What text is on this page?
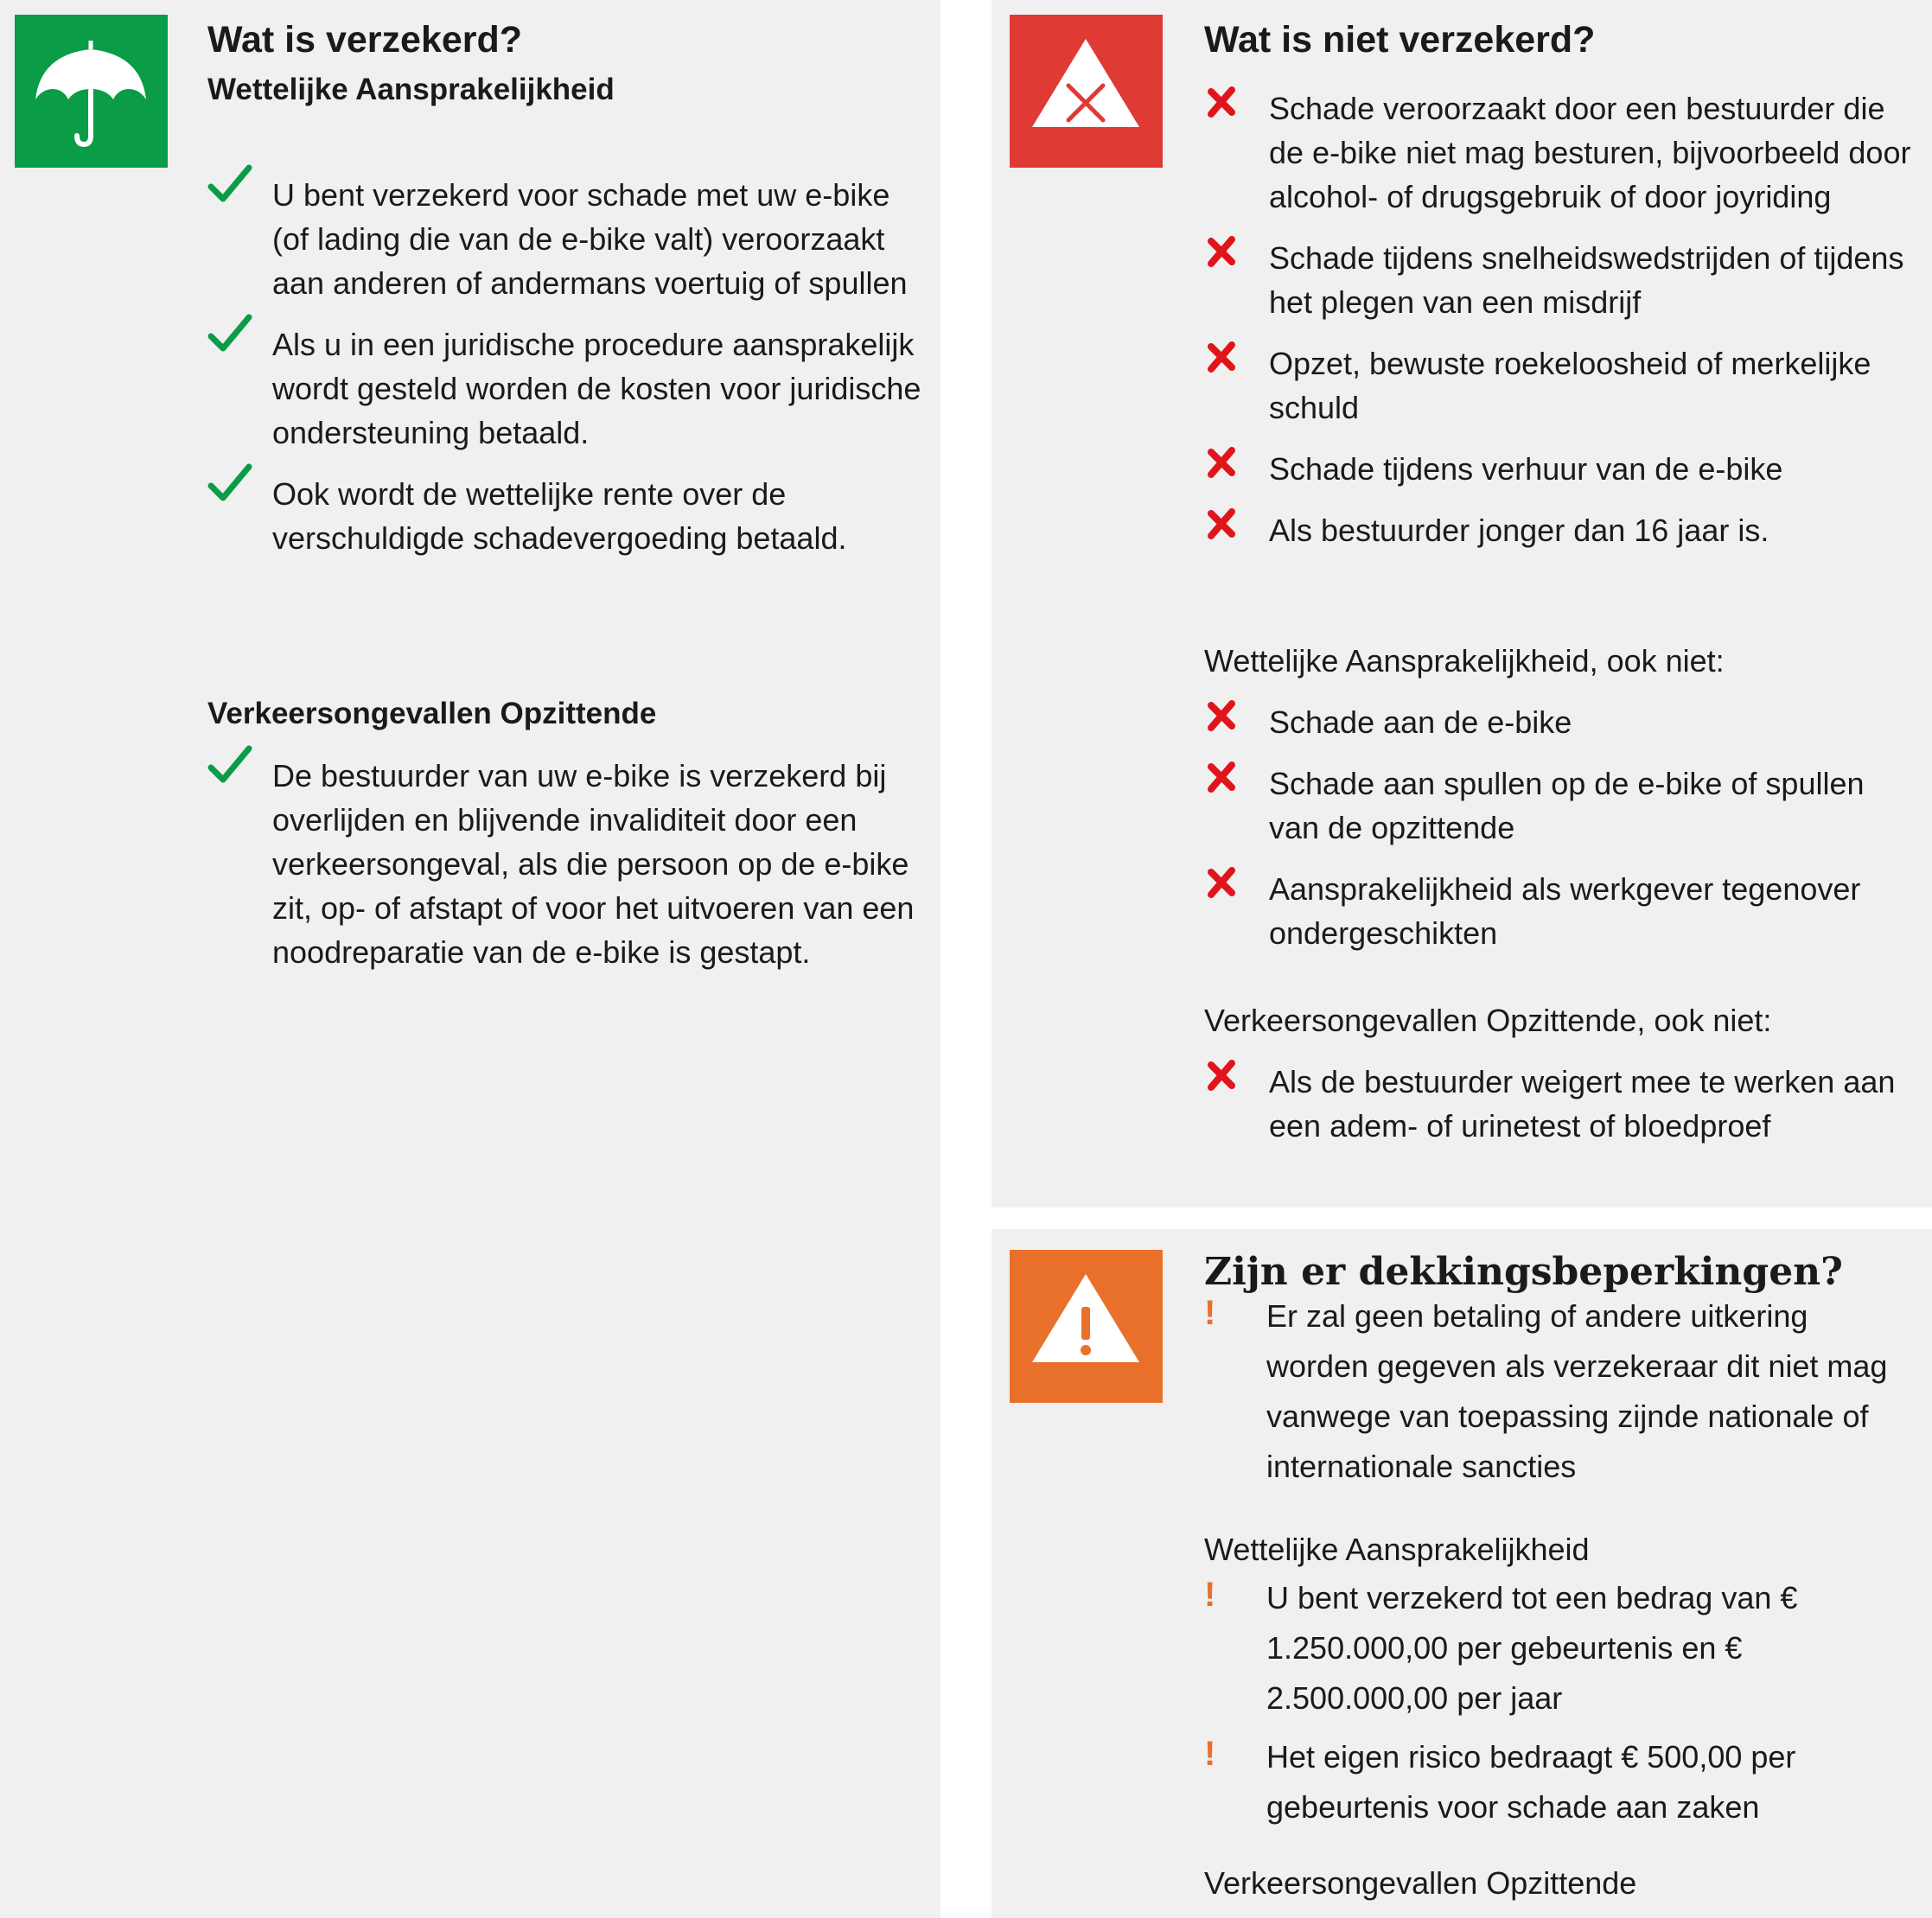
Wat is verzekerd?
Wettelijke Aansprakelijkheid
U bent verzekerd voor schade met uw e-bike (of lading die van de e-bike valt) veroorzaakt aan anderen of andermans voertuig of spullen
Als u in een juridische procedure aansprakelijk wordt gesteld worden de kosten voor juridische ondersteuning betaald.
Ook wordt de wettelijke rente over de verschuldigde schadevergoeding betaald.
Verkeersongevallen Opzittende
De bestuurder van uw e-bike is verzekerd bij overlijden en blijvende invaliditeit door een verkeersongeval, als die persoon op de e-bike zit, op- of afstapt of voor het uitvoeren van een noodreparatie van de e-bike is gestapt.
Wat is niet verzekerd?
Schade veroorzaakt door een bestuurder die de e-bike niet mag besturen, bijvoorbeeld door alcohol- of drugsgebruik of door joyriding
Schade tijdens snelheidswedstrijden of tijdens het plegen van een misdrijf
Opzet, bewuste roekeloosheid of merkelijke schuld
Schade tijdens verhuur van de e-bike
Als bestuurder jonger dan 16 jaar is.
Wettelijke Aansprakelijkheid, ook niet:
Schade aan de e-bike
Schade aan spullen op de e-bike of spullen van de opzittende
Aansprakelijkheid als werkgever tegenover ondergeschikten
Verkeersongevallen Opzittende, ook niet:
Als de bestuurder weigert mee te werken aan een adem- of urinetest of bloedproef
Zijn er dekkingsbeperkingen?
!	Er zal geen betaling of andere uitkering worden gegeven als verzekeraar dit niet mag vanwege van toepassing zijnde nationale of internationale sancties
Wettelijke Aansprakelijkheid
!	U bent verzekerd tot een bedrag van € 1.250.000,00 per gebeurtenis en € 2.500.000,00 per jaar
!	Het eigen risico bedraagt € 500,00 per gebeurtenis voor schade aan zaken
Verkeersongevallen Opzittende
